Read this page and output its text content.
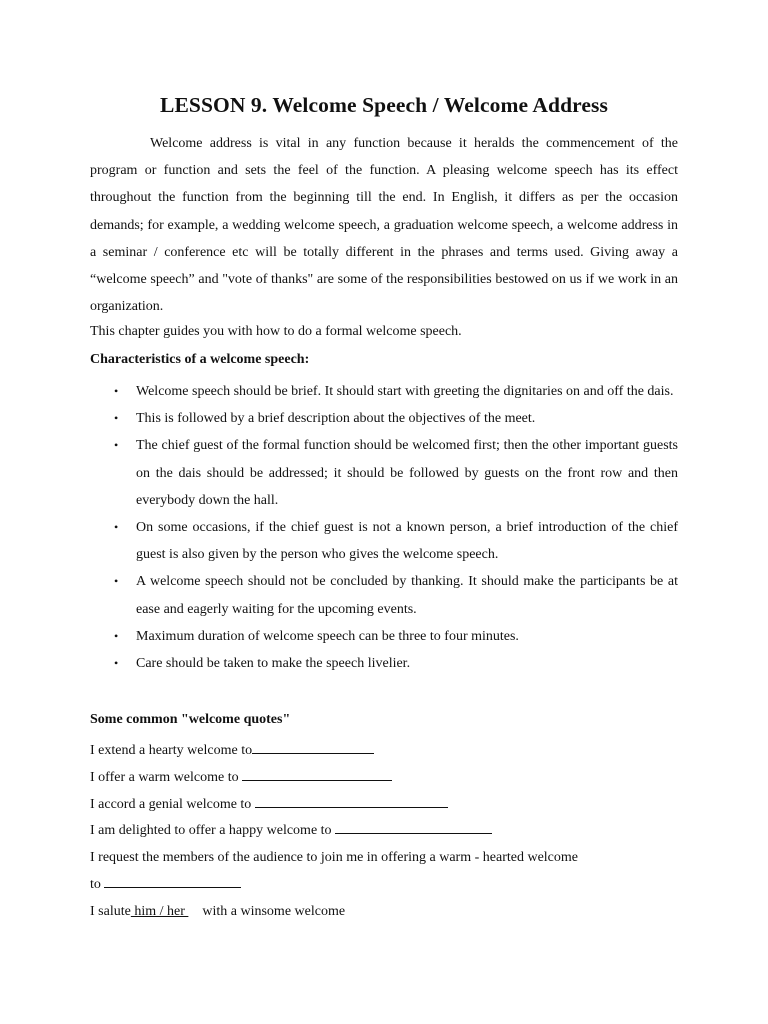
LESSON 9. Welcome Speech / Welcome Address

Welcome address is vital in any function because it heralds the commencement of the program or function and sets the feel of the function. A pleasing welcome speech has its effect throughout the function from the beginning till the end. In English, it differs as per the occasion demands; for example, a wedding welcome speech, a graduation welcome speech, a welcome address in a seminar / conference etc will be totally different in the phrases and terms used. Giving away a “welcome speech” and "vote of thanks" are some of the responsibilities bestowed on us if we work in an organization.

This chapter guides you with how to do a formal welcome speech.
Characteristics of a welcome speech:
• Welcome speech should be brief. It should start with greeting the dignitaries on and off the dais.
• This is followed by a brief description about the objectives of the meet.
• The chief guest of the formal function should be welcomed first; then the other important guests on the dais should be addressed; it should be followed by guests on the front row and then everybody down the hall.
• On some occasions, if the chief guest is not a known person, a brief introduction of the chief guest is also given by the person who gives the welcome speech.
• A welcome speech should not be concluded by thanking. It should make the participants be at ease and eagerly waiting for the upcoming events.
• Maximum duration of welcome speech can be three to four minutes.
• Care should be taken to make the speech livelier.
Some common "welcome quotes"
I extend a hearty welcome to
I offer a warm welcome to
I accord a genial welcome to
I am delighted to offer a happy welcome to
I request the members of the audience to join me in offering a warm - hearted welcome
to
I salute him / her     with a winsome welcome
